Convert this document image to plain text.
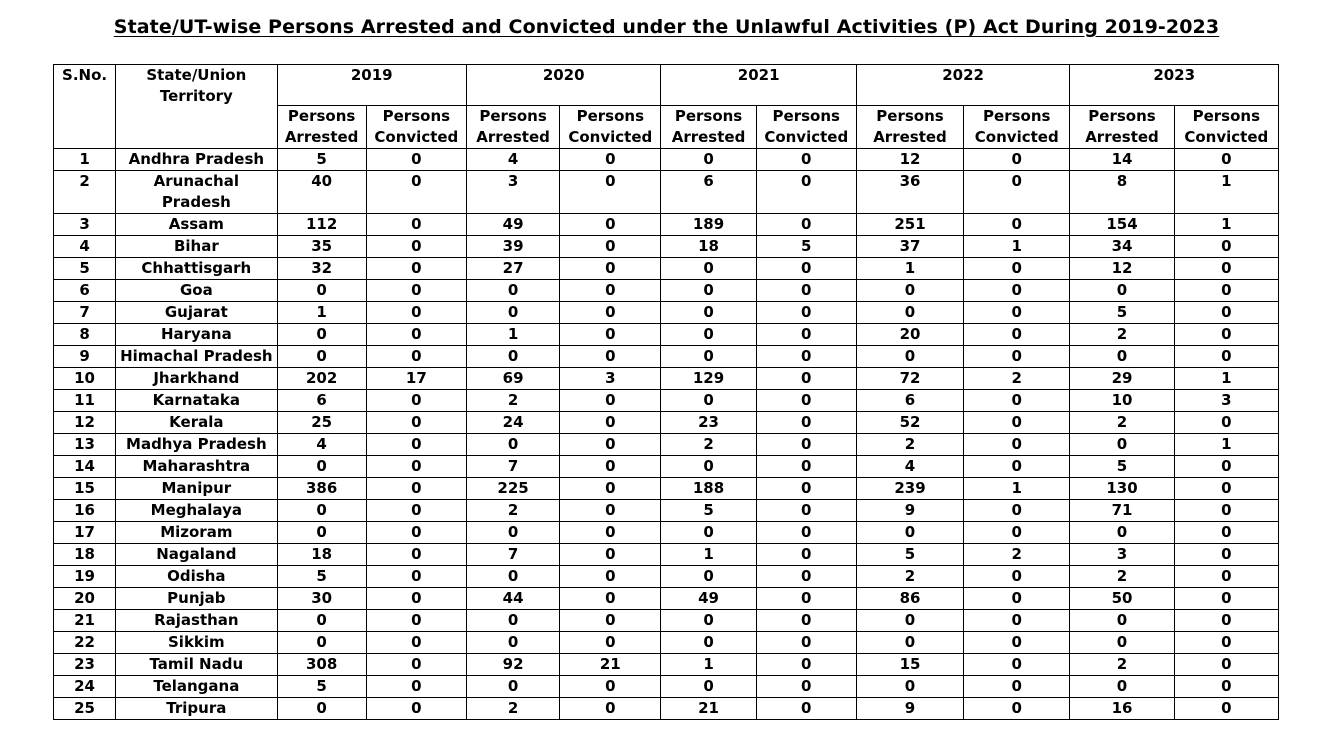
State/UT-wise Persons Arrested and Convicted under the Unlawful Activities (P) Act During 2019-2023
S.No.	State/Union Territory	2019		2020		2021		2022		2023	
		Persons Arrested	Persons Convicted	Persons Arrested	Persons Convicted	Persons Arrested	Persons Convicted	Persons Arrested	Persons Convicted	Persons Arrested	Persons Convicted
1	Andhra Pradesh	5	0	4	0	0	0	12	0	14	0
2	Arunachal Pradesh	40	0	3	0	6	0	36	0	8	1
3	Assam	112	0	49	0	189	0	251	0	154	1
4	Bihar	35	0	39	0	18	5	37	1	34	0
5	Chhattisgarh	32	0	27	0	0	0	1	0	12	0
6	Goa	0	0	0	0	0	0	0	0	0	0
7	Gujarat	1	0	0	0	0	0	0	0	5	0
8	Haryana	0	0	1	0	0	0	20	0	2	0
9	Himachal Pradesh	0	0	0	0	0	0	0	0	0	0
10	Jharkhand	202	17	69	3	129	0	72	2	29	1
11	Karnataka	6	0	2	0	0	0	6	0	10	3
12	Kerala	25	0	24	0	23	0	52	0	2	0
13	Madhya Pradesh	4	0	0	0	2	0	2	0	0	1
14	Maharashtra	0	0	7	0	0	0	4	0	5	0
15	Manipur	386	0	225	0	188	0	239	1	130	0
16	Meghalaya	0	0	2	0	5	0	9	0	71	0
17	Mizoram	0	0	0	0	0	0	0	0	0	0
18	Nagaland	18	0	7	0	1	0	5	2	3	0
19	Odisha	5	0	0	0	0	0	2	0	2	0
20	Punjab	30	0	44	0	49	0	86	0	50	0
21	Rajasthan	0	0	0	0	0	0	0	0	0	0
22	Sikkim	0	0	0	0	0	0	0	0	0	0
23	Tamil Nadu	308	0	92	21	1	0	15	0	2	0
24	Telangana	5	0	0	0	0	0	0	0	0	0
25	Tripura	0	0	2	0	21	0	9	0	16	0
